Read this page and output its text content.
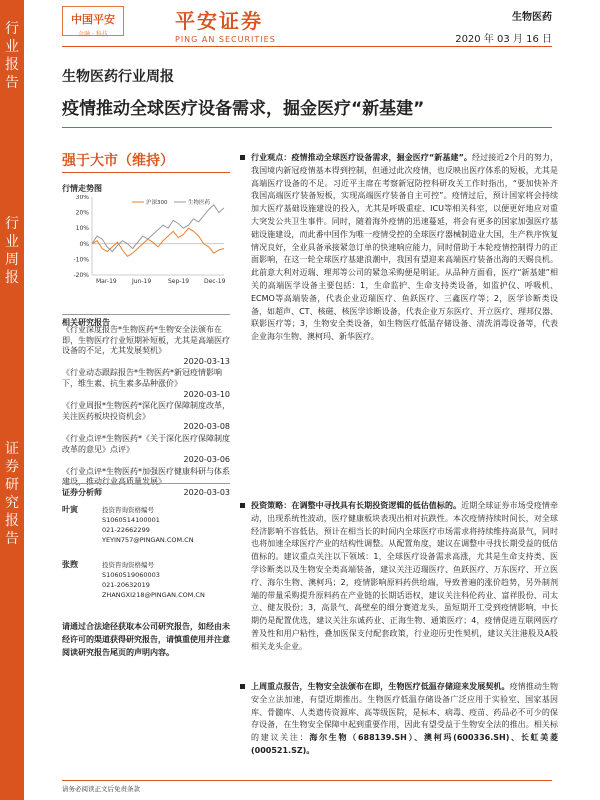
行
业
报
告
行
业
周
报
证
券
研
究
报
告
中国平安
金融 · 科技
平安证券
PING AN SECURITIES
生物医药
2020 年 03 月 16 日
生物医药行业周报
疫情推动全球医疗设备需求，掘金医疗“新基建”
强于大市（维持）
行情走势图
30%
20%
10%
0%
-10%
-20%
Mar-19	Jun-19	Sep-19 Dec-19
沪深300	生物医药
相关研究报告
《行业深度报告*生物医药*生物安全法颁布在即，生物医疗行业短期补短板，尤其是高端医疗设备的不足，尤其发展契机》
2020-03-13
《行业动态跟踪报告*生物医药*新冠疫情影响下，维生素、抗生素多品种涨价》
2020-03-10
《行业周报*生物医药*深化医疗保障制度改革，关注医药板块投资机会》
2020-03-08
《行业点评*生物医药*《关于深化医疗保障制度改革的意见》点评》
2020-03-06
《行业点评*生物医药*加强医疗健康科研与体系建设，推动行业高质量发展》
2020-03-03
证券分析师
叶寅	投资咨询资格编号
S1060514100001
021-22662299
YEYIN757@PINGAN.COM.CN
张煦	投资咨询资格编号
S1060519060003
021-20632019
ZHANGXI218@PINGAN.COM.CN
请通过合法途径获取本公司研究报告，如经由未经许可的渠道获得研究报告，请慎重使用并注意阅读研究报告尾页的声明内容。
行业观点：疫情推动全球医疗设备需求，掘金医疗“新基建”。经过接近2个月的努力，我国境内新冠疫情基本得到控制，但通过此次疫情，也反映出医疗体系的短板，尤其是高端医疗设备的不足。习近平主席在考察新冠防控科研攻关工作时指出，“要加快补齐我国高端医疗装备短板，实现高端医疗装备自主可控”。疫情过后，预计国家将会持续加大医疗基础设施建设的投入，尤其是呼吸重症、ICU等相关科室，以便更好地应对重大突发公共卫生事件。同时，随着海外疫情的迅速蔓延，将会有更多的国家加强医疗基础设施建设，而此番中国作为唯一疫情受控的全球医疗器械制造业大国，生产秩序恢复情况良好，全业具备承接紧急订单的快速响应能力，同时借助于本轮疫情控制得力的正面影响，在这一轮全球医疗基建浪潮中，我国有望迎来高端医疗装备出海的天赐良机。此前意大利对迈瑞、理邦等公司的紧急采购便是明证。从品种方面看，医疗“新基建”相关的高端医学设备主要包括：1，生命监护、生命支持类设备，如监护仪、呼吸机、ECMO等高端装备，代表企业迈瑞医疗、鱼跃医疗、三鑫医疗等；2，医学诊断类设备，如超声、CT、核磁、核医学诊断设备，代表企业万东医疗、开立医疗、理邦仪器、联影医疗等；3，生物安全类设备，如生物医疗低温存储设备、清洗消毒设备等，代表企业海尔生物、澳柯玛、新华医疗。
投资策略：在调整中寻找具有长期投资逻辑的低估值标的。近期全球证券市场受疫情牵动，出现系统性波动，医疗健康板块表现出相对抗跌性。本次疫情持续时间长，对全球经济影响不容低估，预计在相当长的时间内全球医疗市场需求将持续维持高景气，同时也将加速全球医疗产业的结构性调整。从配置角度，建议在调整中寻找长期受益的低估值标的。建议重点关注以下领域：1，全球医疗设备需求高涨，尤其是生命支持类、医学诊断类以及生物安全类高端装备，建议关注迈瑞医疗、鱼跃医疗、万东医疗、开立医疗、海尔生物、澳柯玛；2，疫情影响原料药供给端，导致普遍的涨价趋势，另外制剂端的带量采购提升原料药在产业链的长期话语权，建议关注科伦药业、富祥股份、司太立、健友股份；3，高景气、高壁垒的细分赛道龙头，虽短期开工受到疫情影响，中长期仍是配置优选，建议关注东诚药业、正海生物、通策医疗；4，疫情促进互联网医疗普及性和用户粘性，叠加医保支付配套政策，行业迎历史性契机，建议关注港股及A股相关龙头企业。
上周重点报告，生物安全法颁布在即，生物医疗低温存储迎来发展契机。疫情推动生物安全立法加速，有望近期推出。生物医疗低温存储设备广泛应用于实验室、国家基因库、骨髓库、人类遗传资源库、高等级医院，是标本、病毒、疫苗、药品必不可少的保存设备，在生物安全保障中起到重要作用，因此有望受益于生物安全法的推出。相关标的建议关注：海尔生物（688139.SH）、澳柯玛(600336.SH)、长虹美菱(000521.SZ)。
请务必阅读正文后免责条款
